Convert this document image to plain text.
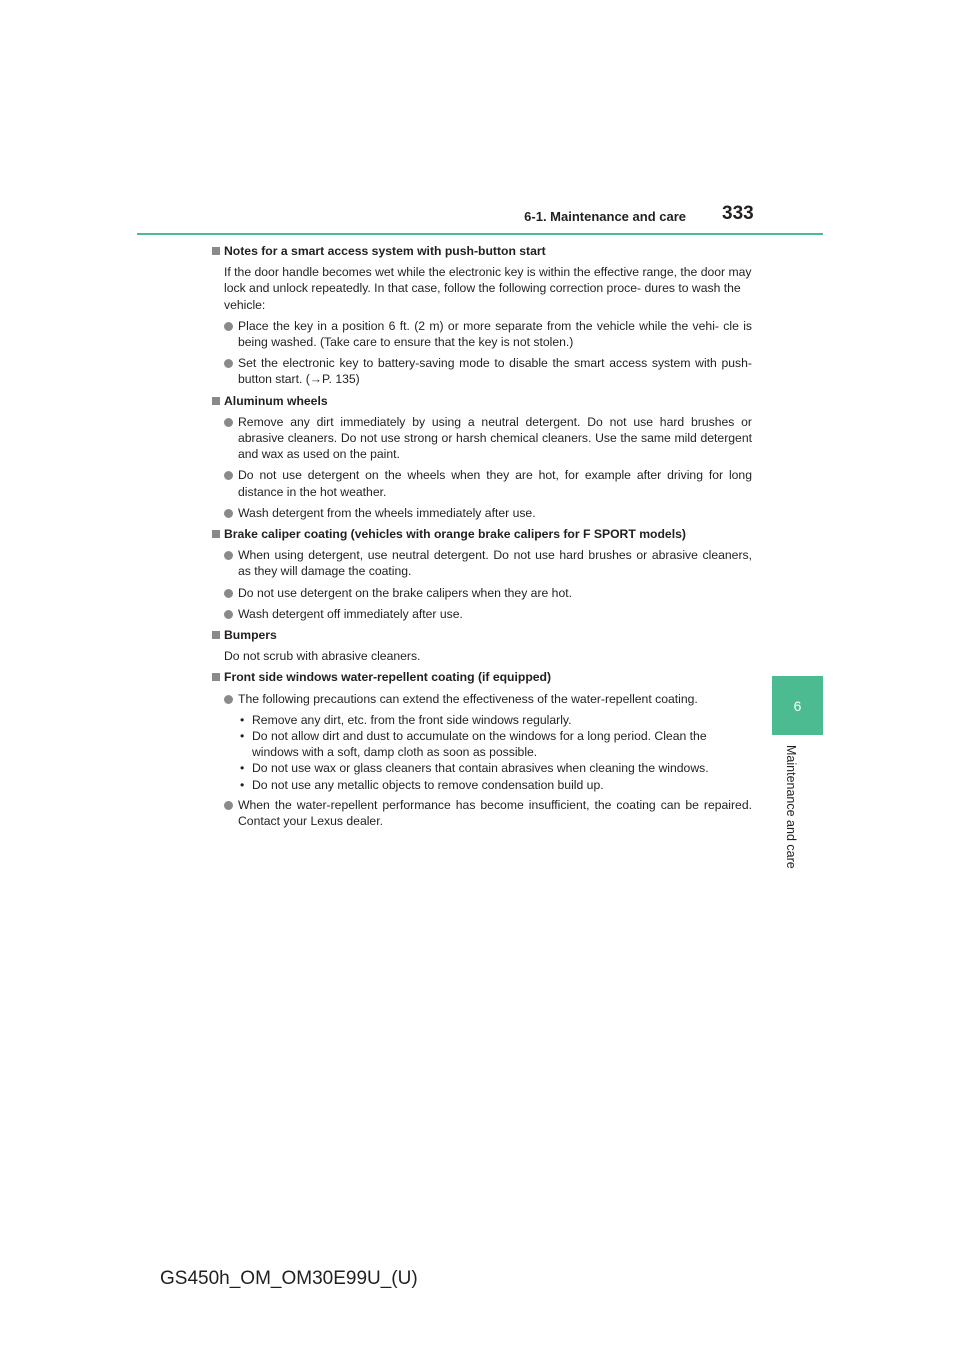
6-1. Maintenance and care 333
6
Maintenance and care
Notes for a smart access system with push-button start
If the door handle becomes wet while the electronic key is within the effective range, the door may lock and unlock repeatedly. In that case, follow the following correction proce- dures to wash the vehicle:
Place the key in a position 6 ft. (2 m) or more separate from the vehicle while the vehi- cle is being washed. (Take care to ensure that the key is not stolen.)
Set the electronic key to battery-saving mode to disable the smart access system with push-button start. (→P. 135)
Aluminum wheels
Remove any dirt immediately by using a neutral detergent. Do not use hard brushes or abrasive cleaners. Do not use strong or harsh chemical cleaners. Use the same mild detergent and wax as used on the paint.
Do not use detergent on the wheels when they are hot, for example after driving for long distance in the hot weather.
Wash detergent from the wheels immediately after use.
Brake caliper coating (vehicles with orange brake calipers for F SPORT models)
When using detergent, use neutral detergent. Do not use hard brushes or abrasive cleaners, as they will damage the coating.
Do not use detergent on the brake calipers when they are hot.
Wash detergent off immediately after use.
Bumpers
Do not scrub with abrasive cleaners.
Front side windows water-repellent coating (if equipped)
The following precautions can extend the effectiveness of the water-repellent coating.
• Remove any dirt, etc. from the front side windows regularly.
• Do not allow dirt and dust to accumulate on the windows for a long period. Clean the windows with a soft, damp cloth as soon as possible.
• Do not use wax or glass cleaners that contain abrasives when cleaning the windows.
• Do not use any metallic objects to remove condensation build up.
When the water-repellent performance has become insufficient, the coating can be repaired. Contact your Lexus dealer.
GS450h_OM_OM30E99U_(U)
